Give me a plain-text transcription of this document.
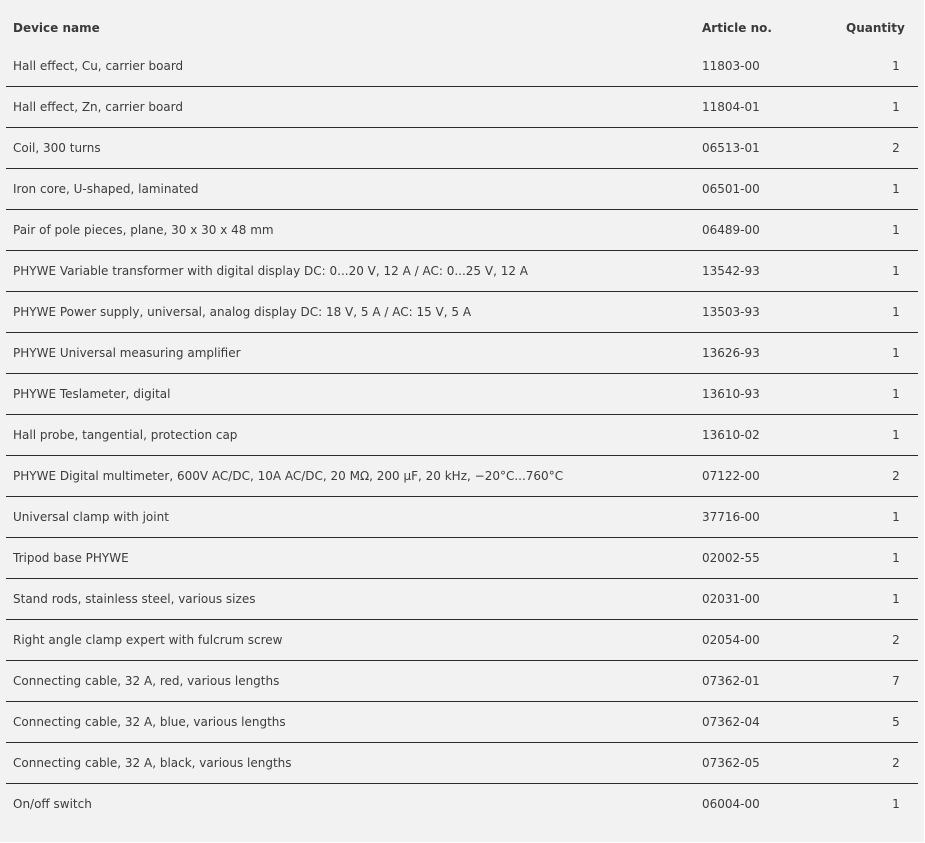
Device name	Article no.	Quantity
Hall effect, Cu, carrier board	11803-00	1
Hall effect, Zn, carrier board	11804-01	1
Coil, 300 turns	06513-01	2
Iron core, U-shaped, laminated	06501-00	1
Pair of pole pieces, plane, 30 x 30 x 48 mm	06489-00	1
PHYWE Variable transformer with digital display DC: 0...20 V, 12 A / AC: 0...25 V, 12 A	13542-93	1
PHYWE Power supply, universal, analog display DC: 18 V, 5 A / AC: 15 V, 5 A	13503-93	1
PHYWE Universal measuring amplifier	13626-93	1
PHYWE Teslameter, digital	13610-93	1
Hall probe, tangential, protection cap	13610-02	1
PHYWE Digital multimeter, 600V AC/DC, 10A AC/DC, 20 MΩ, 200 µF, 20 kHz, −20°C...760°C	07122-00	2
Universal clamp with joint	37716-00	1
Tripod base PHYWE	02002-55	1
Stand rods, stainless steel, various sizes	02031-00	1
Right angle clamp expert with fulcrum screw	02054-00	2
Connecting cable, 32 A, red, various lengths	07362-01	7
Connecting cable, 32 A, blue, various lengths	07362-04	5
Connecting cable, 32 A, black, various lengths	07362-05	2
On/off switch	06004-00	1
